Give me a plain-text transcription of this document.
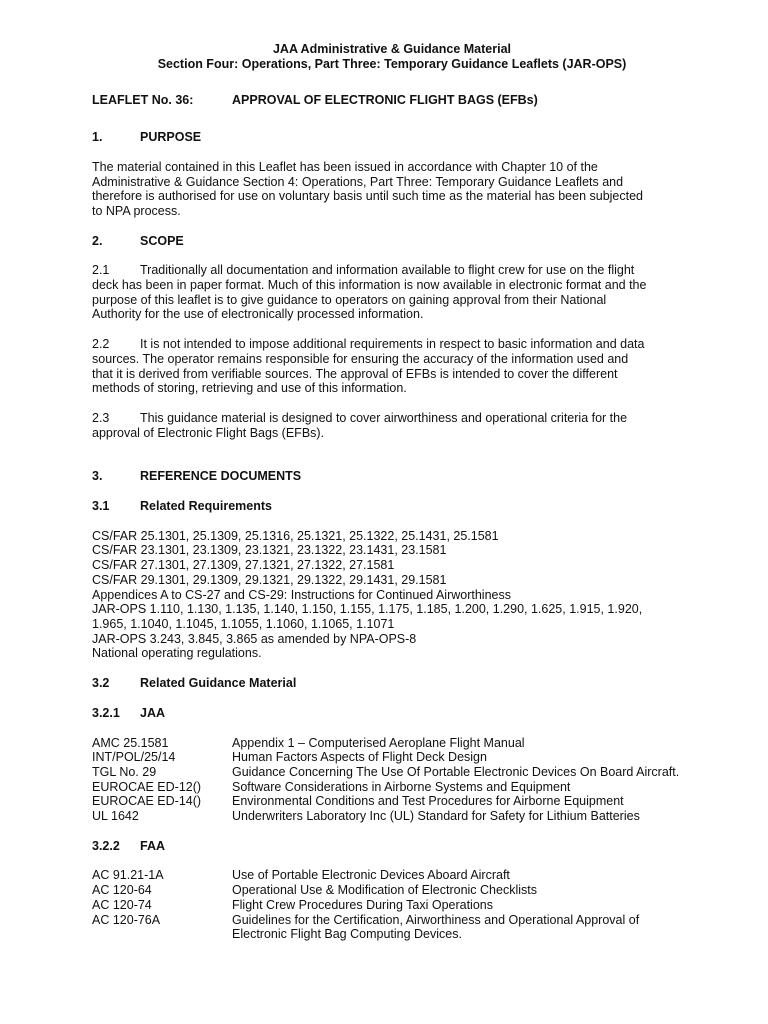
JAA Administrative & Guidance Material
Section Four: Operations, Part Three: Temporary Guidance Leaflets (JAR-OPS)
LEAFLET No. 36:	APPROVAL OF ELECTRONIC FLIGHT BAGS (EFBs)
1.	PURPOSE
The material contained in this Leaflet has been issued in accordance with Chapter 10 of the
Administrative & Guidance Section 4: Operations, Part Three: Temporary Guidance Leaflets and
therefore is authorised for use on voluntary basis until such time as the material has been subjected
to NPA process.
2.	SCOPE
2.1 Traditionally all documentation and information available to flight crew for use on the flight
deck has been in paper format. Much of this information is now available in electronic format and the
purpose of this leaflet is to give guidance to operators on gaining approval from their National
Authority for the use of electronically processed information.
2.2 It is not intended to impose additional requirements in respect to basic information and data
sources. The operator remains responsible for ensuring the accuracy of the information used and
that it is derived from verifiable sources. The approval of EFBs is intended to cover the different
methods of storing, retrieving and use of this information.
2.3 This guidance material is designed to cover airworthiness and operational criteria for the
approval of Electronic Flight Bags (EFBs).
3.	REFERENCE DOCUMENTS
3.1	Related Requirements
CS/FAR 25.1301, 25.1309, 25.1316, 25.1321, 25.1322, 25.1431, 25.1581
CS/FAR 23.1301, 23.1309, 23.1321, 23.1322, 23.1431, 23.1581
CS/FAR 27.1301, 27.1309, 27.1321, 27.1322, 27.1581
CS/FAR 29.1301, 29.1309, 29.1321, 29.1322, 29.1431, 29.1581
Appendices A to CS-27 and CS-29: Instructions for Continued Airworthiness
JAR-OPS 1.110, 1.130, 1.135, 1.140, 1.150, 1.155, 1.175, 1.185, 1.200, 1.290, 1.625, 1.915, 1.920,
1.965, 1.1040, 1.1045, 1.1055, 1.1060, 1.1065, 1.1071
JAR-OPS 3.243, 3.845, 3.865 as amended by NPA-OPS-8
National operating regulations.
3.2	Related Guidance Material
3.2.1	JAA
AMC 25.1581	Appendix 1 – Computerised Aeroplane Flight Manual
INT/POL/25/14	Human Factors Aspects of Flight Deck Design
TGL No. 29	Guidance Concerning The Use Of Portable Electronic Devices On Board Aircraft.
EUROCAE ED-12()	Software Considerations in Airborne Systems and Equipment
EUROCAE ED-14()	Environmental Conditions and Test Procedures for Airborne Equipment
UL 1642	Underwriters Laboratory Inc (UL) Standard for Safety for Lithium Batteries
3.2.2	FAA
AC 91.21-1A	Use of Portable Electronic Devices Aboard Aircraft
AC 120-64	Operational Use & Modification of Electronic Checklists
AC 120-74	Flight Crew Procedures During Taxi Operations
AC 120-76A	Guidelines for the Certification, Airworthiness and Operational Approval of Electronic Flight Bag Computing Devices.
